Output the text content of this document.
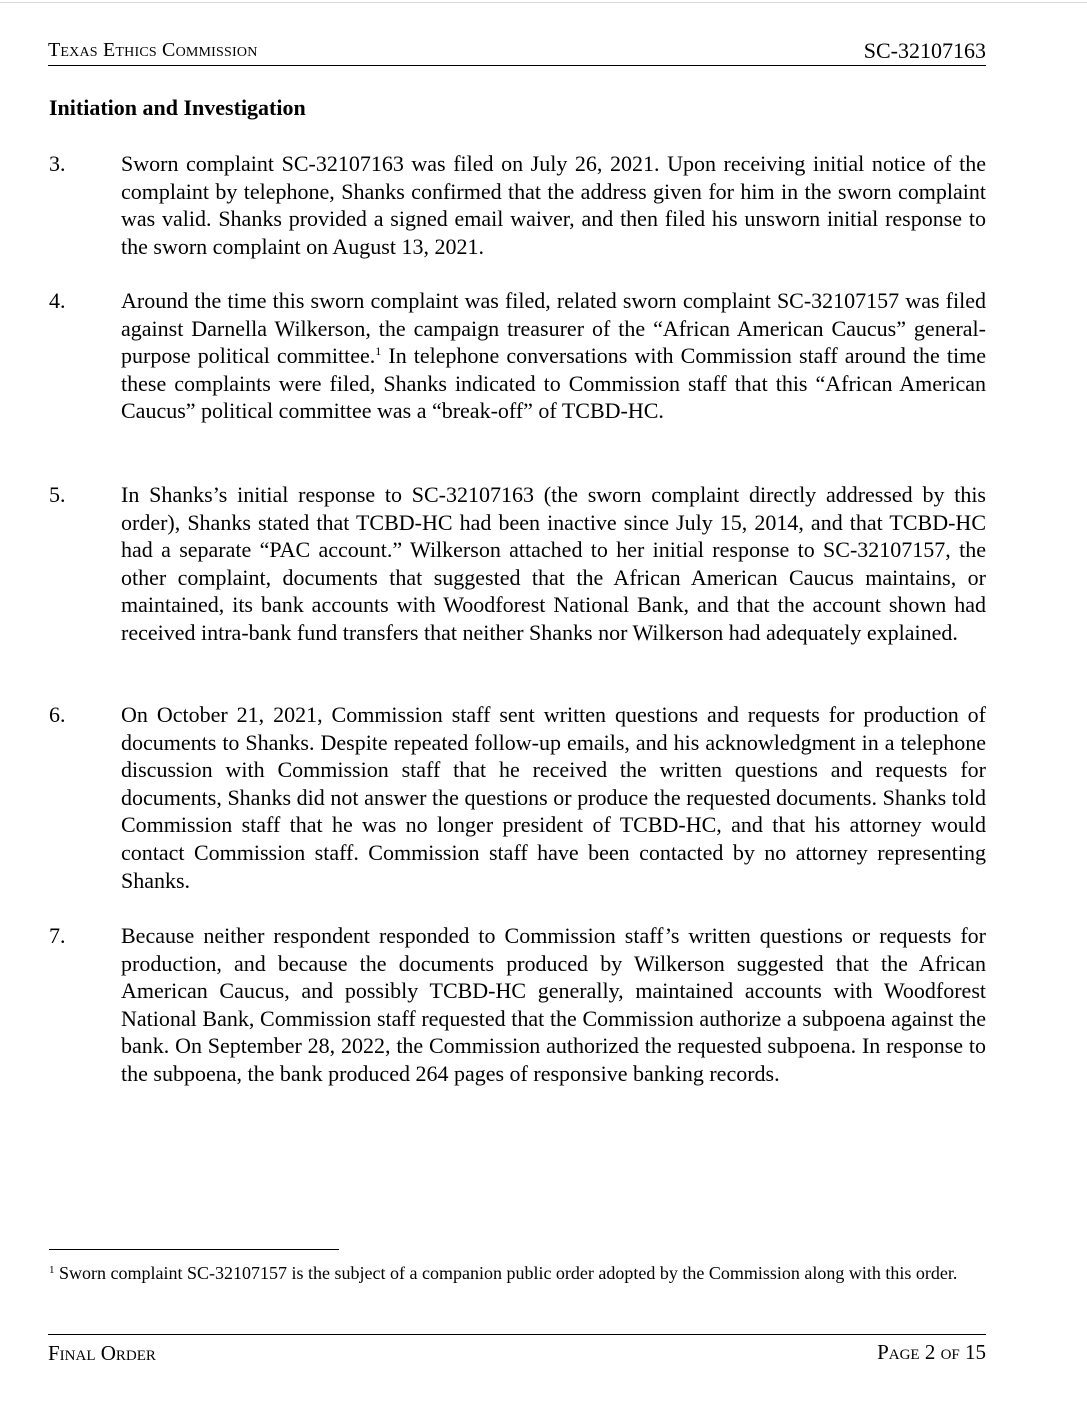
Texas Ethics Commission	SC-32107163
Initiation and Investigation
3.	Sworn complaint SC-32107163 was filed on July 26, 2021. Upon receiving initial notice of the complaint by telephone, Shanks confirmed that the address given for him in the sworn complaint was valid. Shanks provided a signed email waiver, and then filed his unsworn initial response to the sworn complaint on August 13, 2021.
4.	Around the time this sworn complaint was filed, related sworn complaint SC-32107157 was filed against Darnella Wilkerson, the campaign treasurer of the “African American Caucus” general-purpose political committee.$^1$ In telephone conversations with Commission staff around the time these complaints were filed, Shanks indicated to Commission staff that this “African American Caucus” political committee was a “break-off” of TCBD-HC.
5.	In Shanks’s initial response to SC-32107163 (the sworn complaint directly addressed by this order), Shanks stated that TCBD-HC had been inactive since July 15, 2014, and that TCBD-HC had a separate “PAC account.” Wilkerson attached to her initial response to SC-32107157, the other complaint, documents that suggested that the African American Caucus maintains, or maintained, its bank accounts with Woodforest National Bank, and that the account shown had received intra-bank fund transfers that neither Shanks nor Wilkerson had adequately explained.
6.	On October 21, 2021, Commission staff sent written questions and requests for production of documents to Shanks. Despite repeated follow-up emails, and his acknowledgment in a telephone discussion with Commission staff that he received the written questions and requests for documents, Shanks did not answer the questions or produce the requested documents. Shanks told Commission staff that he was no longer president of TCBD-HC, and that his attorney would contact Commission staff. Commission staff have been contacted by no attorney representing Shanks.
7.	Because neither respondent responded to Commission staff’s written questions or requests for production, and because the documents produced by Wilkerson suggested that the African American Caucus, and possibly TCBD-HC generally, maintained accounts with Woodforest National Bank, Commission staff requested that the Commission authorize a subpoena against the bank. On September 28, 2022, the Commission authorized the requested subpoena. In response to the subpoena, the bank produced 264 pages of responsive banking records.
$^1$ Sworn complaint SC-32107157 is the subject of a companion public order adopted by the Commission along with this order.
Final Order	Page 2 of 15
